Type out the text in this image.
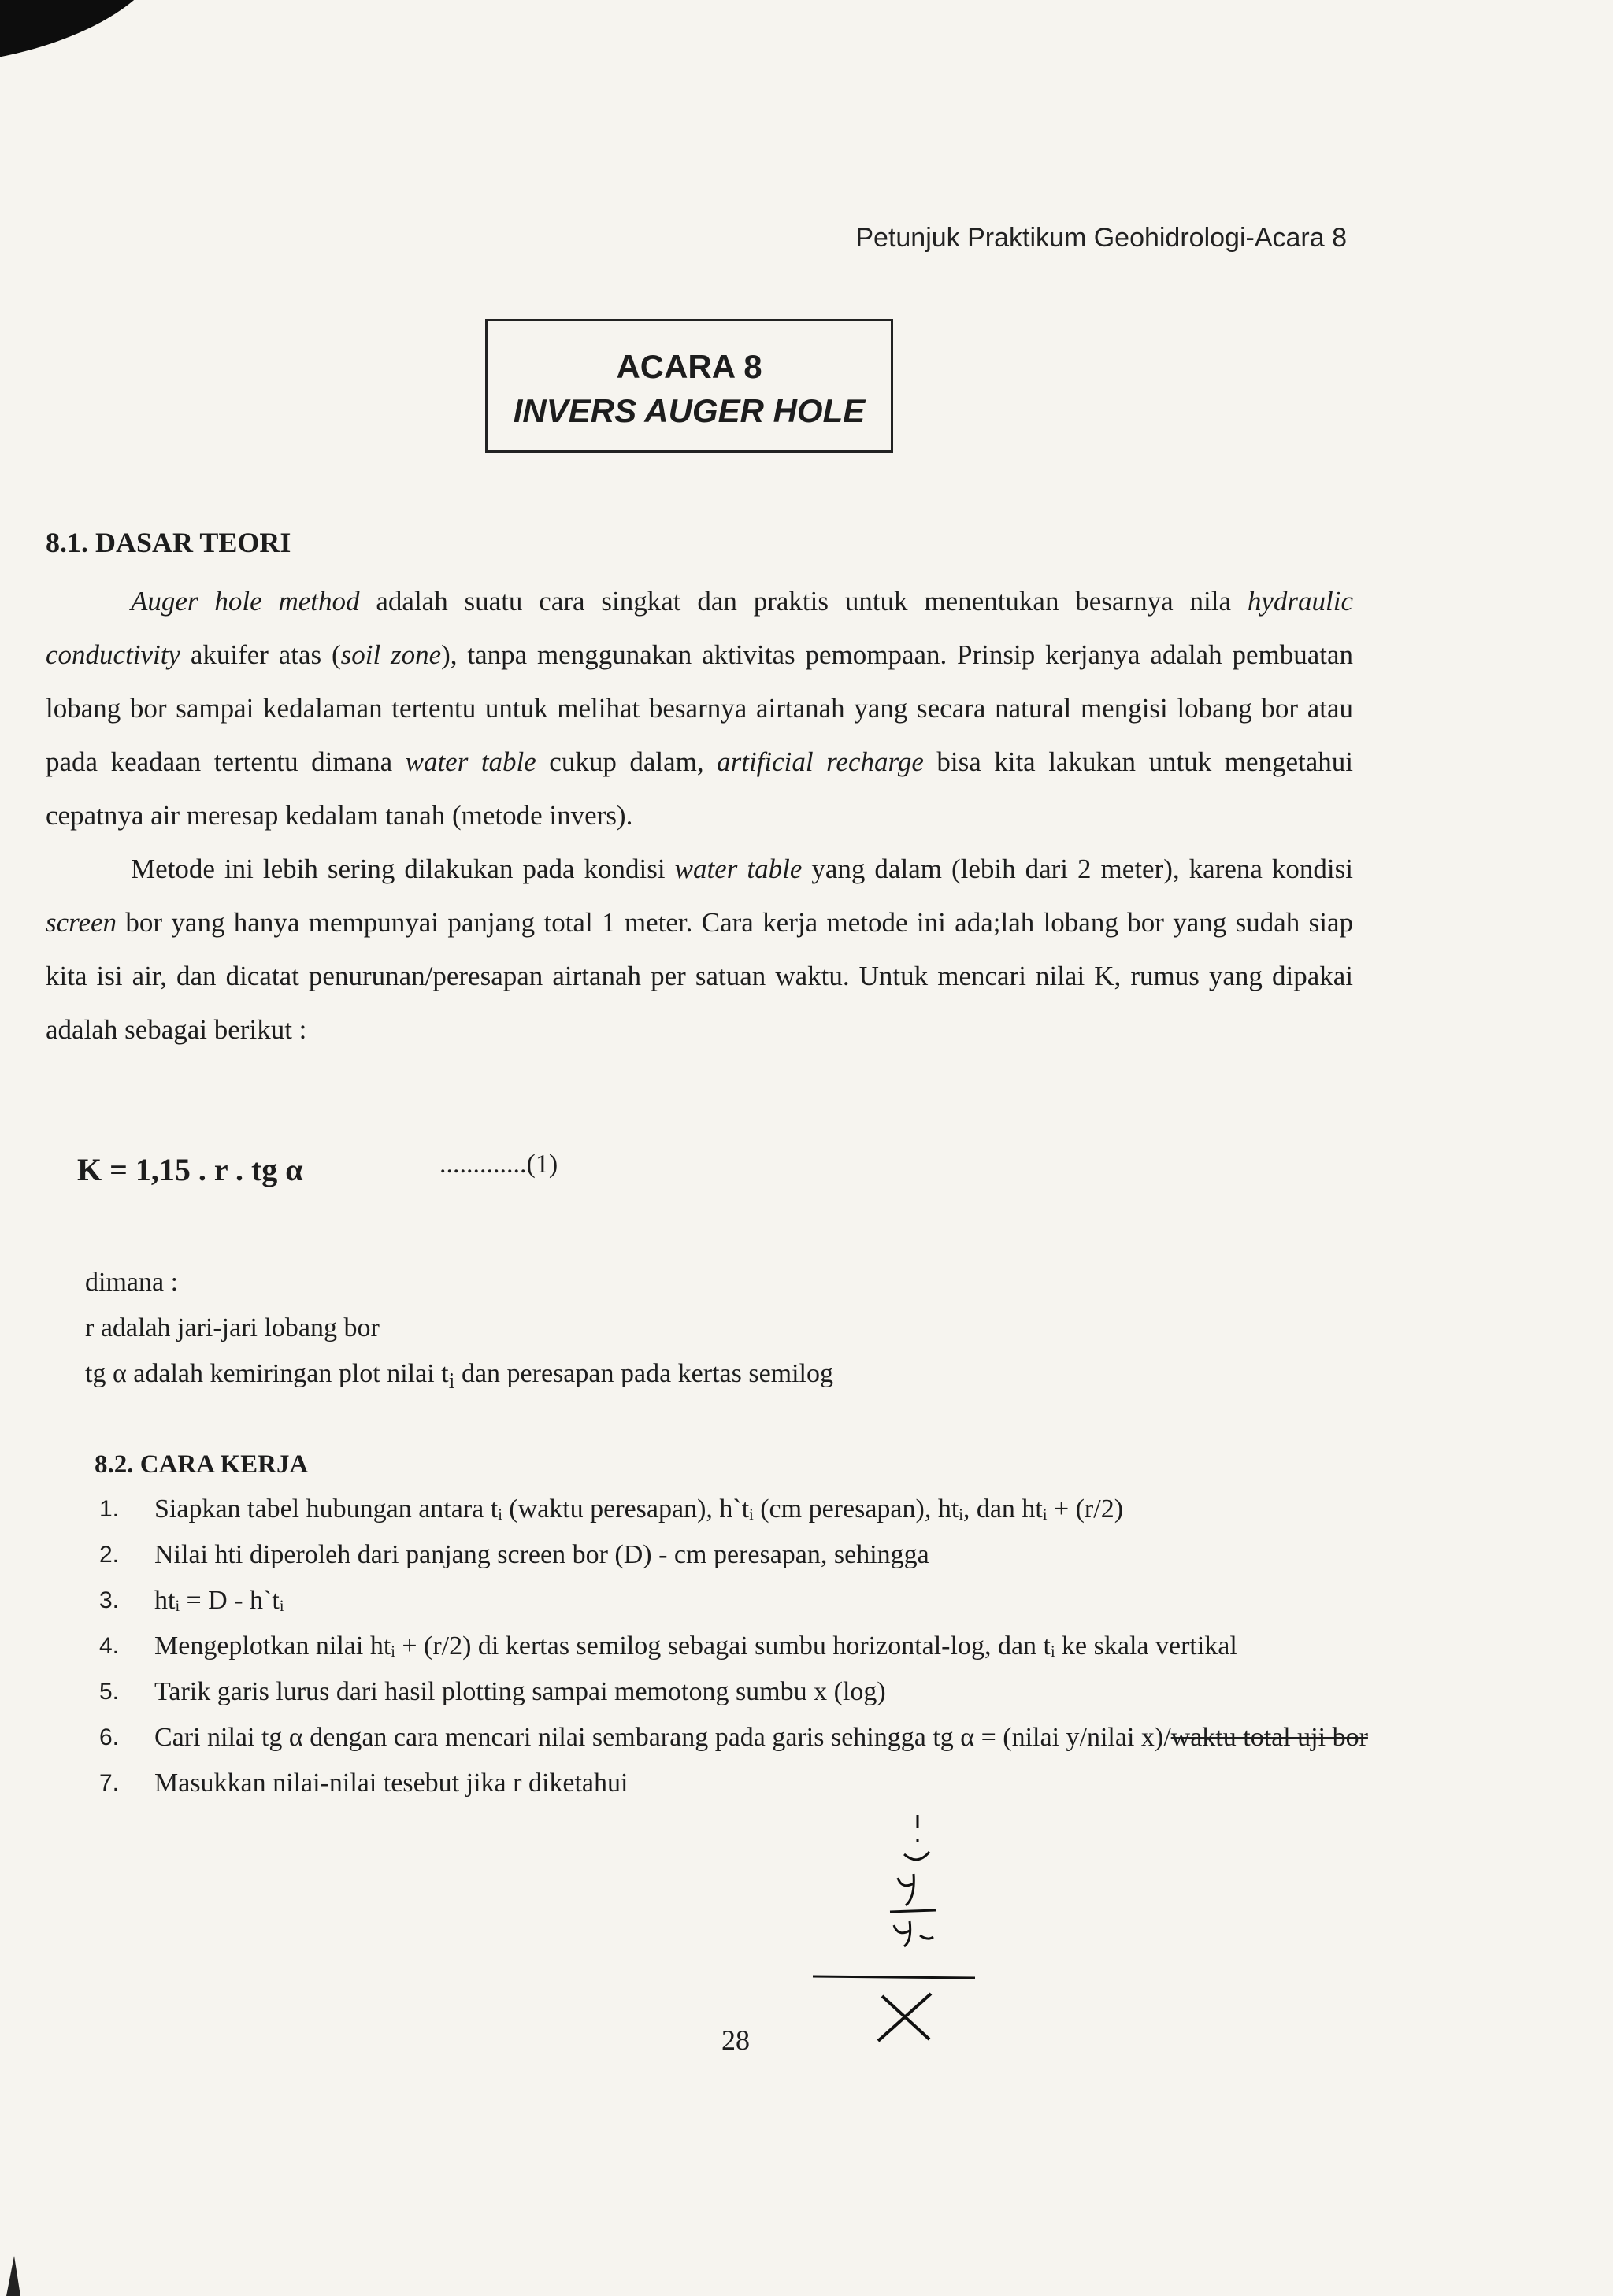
Petunjuk Praktikum Geohidrologi-Acara 8
ACARA 8
INVERS AUGER HOLE
8.1. DASAR TEORI

Auger hole method adalah suatu cara singkat dan praktis untuk menentukan besarnya nila hydraulic conductivity akuifer atas (soil zone), tanpa menggunakan aktivitas pemompaan. Prinsip kerjanya adalah pembuatan lobang bor sampai kedalaman tertentu untuk melihat besarnya airtanah yang secara natural mengisi lobang bor atau pada keadaan tertentu dimana water table cukup dalam, artificial recharge bisa kita lakukan untuk mengetahui cepatnya air meresap kedalam tanah (metode invers).

Metode ini lebih sering dilakukan pada kondisi water table yang dalam (lebih dari 2 meter), karena kondisi screen bor yang hanya mempunyai panjang total 1 meter. Cara kerja metode ini ada;lah lobang bor yang sudah siap kita isi air, dan dicatat penurunan/peresapan airtanah per satuan waktu. Untuk mencari nilai K, rumus yang dipakai adalah sebagai berikut :

K = 1,15 . r . tg α	.............(1)
dimana :
r adalah jari-jari lobang bor
tg α adalah kemiringan plot nilai $t_i$ dan peresapan pada kertas semilog
8.2. CARA KERJA
1.	Siapkan tabel hubungan antara tᵢ (waktu peresapan), h`tᵢ (cm peresapan), htᵢ, dan htᵢ + (r/2)
2.	Nilai hti diperoleh dari panjang screen bor (D) - cm peresapan, sehingga
3.	htᵢ = D - h`tᵢ
4.	Mengeplotkan nilai htᵢ + (r/2) di kertas semilog sebagai sumbu horizontal-log, dan tᵢ ke skala vertikal
5.	Tarik garis lurus dari hasil plotting sampai memotong sumbu x (log)
6.	Cari nilai tg α dengan cara mencari nilai sembarang pada garis sehingga tg α = (nilai y/nilai x)/waktu total uji bor
7.	Masukkan nilai-nilai tesebut jika r diketahui
28
